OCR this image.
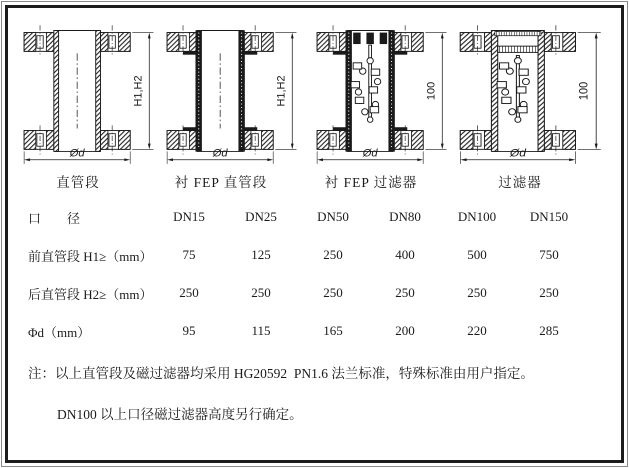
H1,H2
Ød
直管段
H1,H2
Ød
衬 FEP 直管段
100
Ød
衬 FEP 过滤器
100
Ød
过滤器
口        径	DN15	DN25	DN50	DN80	DN100	DN150
前直管段 H1≥（mm）	75	125	250	400	500	750
后直管段 H2≥（mm）	250	250	250	250	250	250
Φd（mm）	95	115	165	200	220	285
注：以上直管段及磁过滤器均采用 HG20592  PN1.6 法兰标准，特殊标准由用户指定。
DN100 以上口径磁过滤器高度另行确定。
